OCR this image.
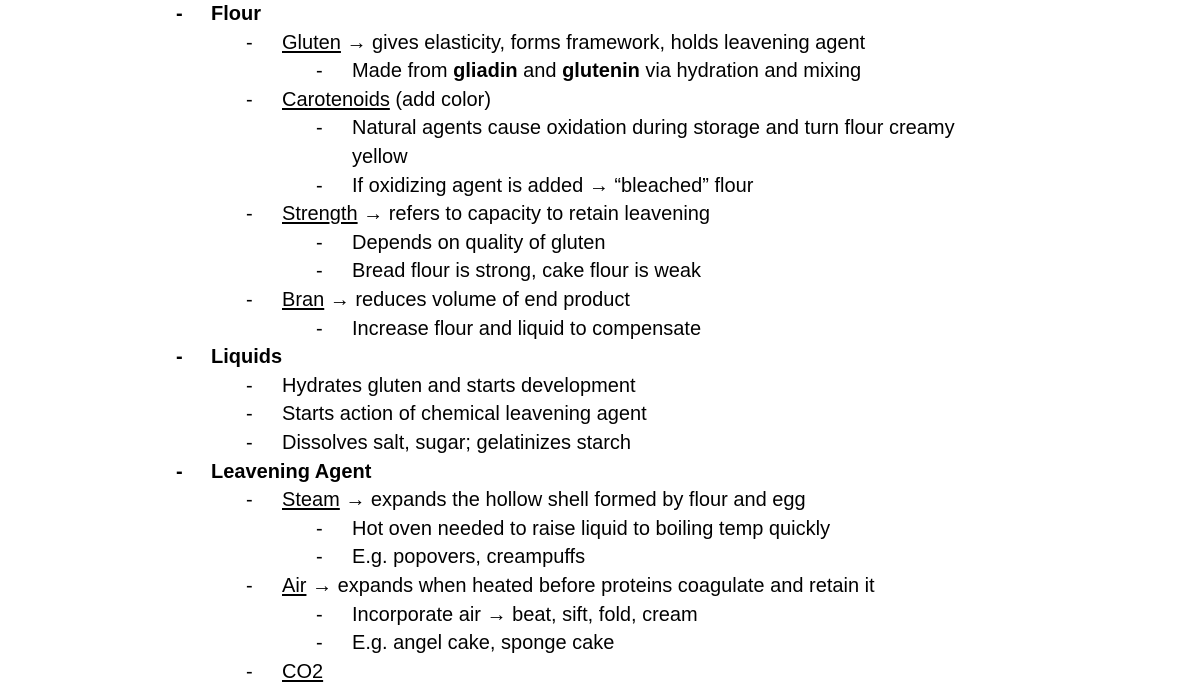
- Flour
- Gluten → gives elasticity, forms framework, holds leavening agent
- Made from gliadin and glutenin via hydration and mixing
- Carotenoids (add color)
- Natural agents cause oxidation during storage and turn flour creamy
yellow
- If oxidizing agent is added → “bleached” flour
- Strength → refers to capacity to retain leavening
- Depends on quality of gluten
- Bread flour is strong, cake flour is weak
- Bran → reduces volume of end product
- Increase flour and liquid to compensate
- Liquids
- Hydrates gluten and starts development
- Starts action of chemical leavening agent
- Dissolves salt, sugar; gelatinizes starch
- Leavening Agent
- Steam → expands the hollow shell formed by flour and egg
- Hot oven needed to raise liquid to boiling temp quickly
- E.g. popovers, creampuffs
- Air → expands when heated before proteins coagulate and retain it
- Incorporate air → beat, sift, fold, cream
- E.g. angel cake, sponge cake
- CO2
